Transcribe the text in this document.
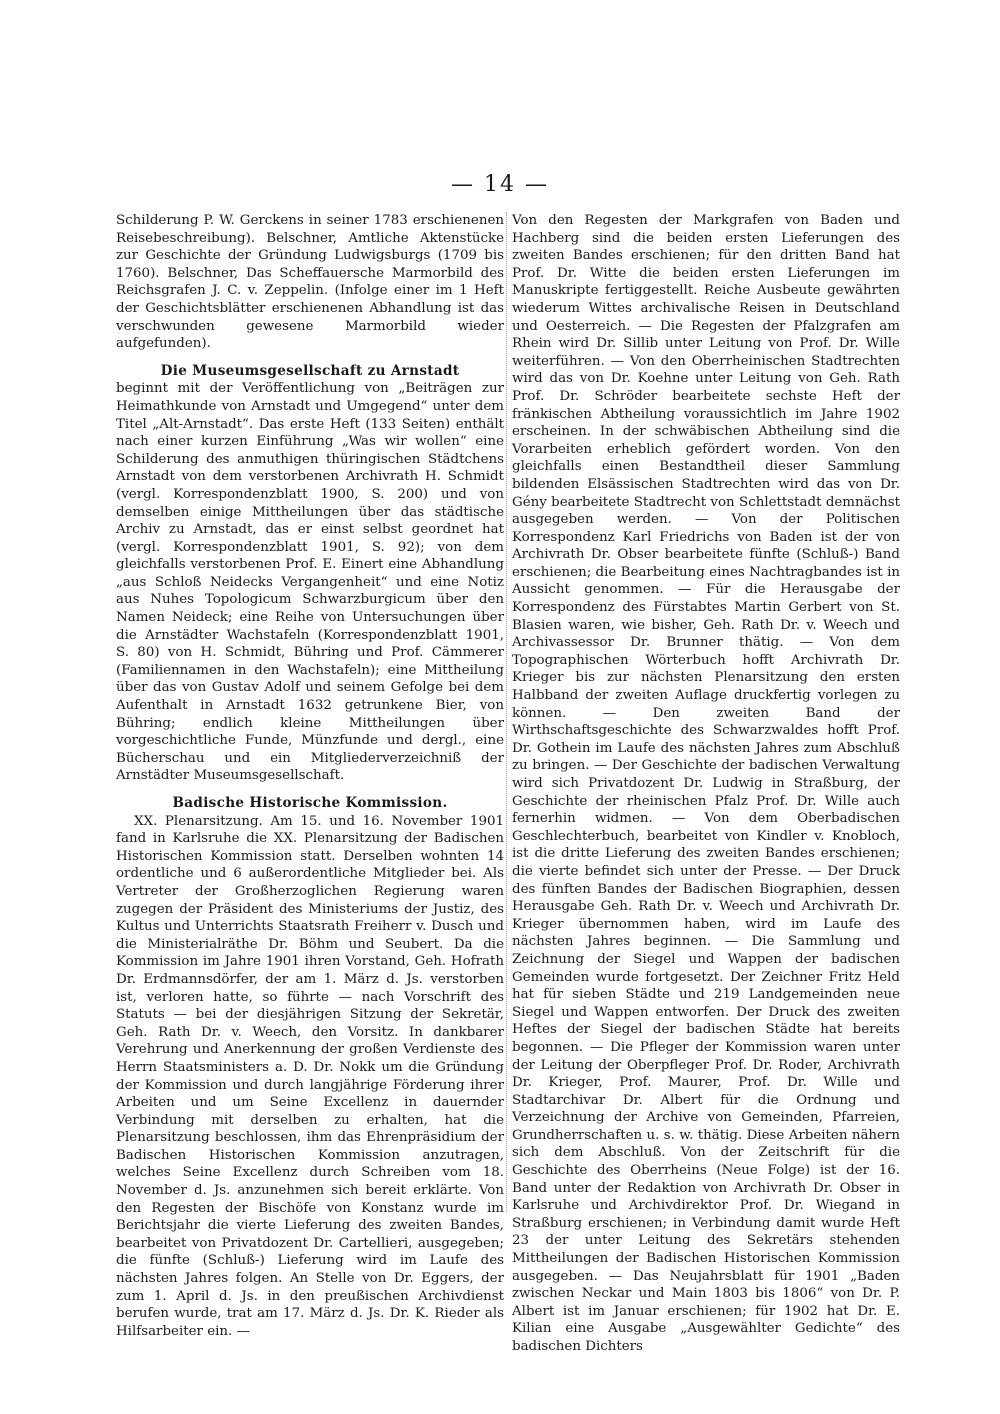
— 14 —

Schilderung P. W. Gerckens in seiner 1783 erschienenen Reisebeschreibung). Belschner, Amtliche Aktenstücke zur Geschichte der Gründung Ludwigsburgs (1709 bis 1760). Belschner, Das Scheffauersche Marmorbild des Reichsgrafen J. C. v. Zeppelin. (Infolge einer im 1 Heft der Geschichtsblätter erschienenen Abhandlung ist das verschwunden gewesene Marmorbild wieder aufgefunden).

Die Museumsgesellschaft zu Arnstadt

beginnt mit der Veröffentlichung von „Beiträgen zur Heimathkunde von Arnstadt und Umgegend“ unter dem Titel „Alt-Arnstadt“. Das erste Heft (133 Seiten) enthält nach einer kurzen Einführung „Was wir wollen“ eine Schilderung des anmuthigen thüringischen Städtchens Arnstadt von dem verstorbenen Archivrath H. Schmidt (vergl. Korrespondenzblatt 1900, S. 200) und von demselben einige Mittheilungen über das städtische Archiv zu Arnstadt, das er einst selbst geordnet hat (vergl. Korrespondenzblatt 1901, S. 92); von dem gleichfalls verstorbenen Prof. E. Einert eine Abhandlung „aus Schloß Neidecks Vergangenheit“ und eine Notiz aus Nuhes Topologicum Schwarzburgicum über den Namen Neideck; eine Reihe von Untersuchungen über die Arnstädter Wachstafeln (Korrespondenzblatt 1901, S. 80) von H. Schmidt, Bühring und Prof. Cämmerer (Familiennamen in den Wachstafeln); eine Mittheilung über das von Gustav Adolf und seinem Gefolge bei dem Aufenthalt in Arnstadt 1632 getrunkene Bier, von Bühring; endlich kleine Mittheilungen über vorgeschichtliche Funde, Münzfunde und dergl., eine Bücherschau und ein Mitgliederverzeichniß der Arnstädter Museumsgesellschaft.

Badische Historische Kommission.

XX. Plenarsitzung. Am 15. und 16. November 1901 fand in Karlsruhe die XX. Plenarsitzung der Badischen Historischen Kommission statt. Derselben wohnten 14 ordentliche und 6 außerordentliche Mitglieder bei. Als Vertreter der Großherzoglichen Regierung waren zugegen der Präsident des Ministeriums der Justiz, des Kultus und Unterrichts Staatsrath Freiherr v. Dusch und die Ministerialräthe Dr. Böhm und Seubert. Da die Kommission im Jahre 1901 ihren Vorstand, Geh. Hofrath Dr. Erdmannsdörfer, der am 1. März d. Js. verstorben ist, verloren hatte, so führte — nach Vorschrift des Statuts — bei der diesjährigen Sitzung der Sekretär, Geh. Rath Dr. v. Weech, den Vorsitz. In dankbarer Verehrung und Anerkennung der großen Verdienste des Herrn Staatsministers a. D. Dr. Nokk um die Gründung der Kommission und durch langjährige Förderung ihrer Arbeiten und um Seine Excellenz in dauernder Verbindung mit derselben zu erhalten, hat die Plenarsitzung beschlossen, ihm das Ehrenpräsidium der Badischen Historischen Kommission anzutragen, welches Seine Excellenz durch Schreiben vom 18. November d. Js. anzunehmen sich bereit erklärte. Von den Regesten der Bischöfe von Konstanz wurde im Berichtsjahr die vierte Lieferung des zweiten Bandes, bearbeitet von Privatdozent Dr. Cartellieri, ausgegeben; die fünfte (Schluß-) Lieferung wird im Laufe des nächsten Jahres folgen. An Stelle von Dr. Eggers, der zum 1. April d. Js. in den preußischen Archivdienst berufen wurde, trat am 17. März d. Js. Dr. K. Rieder als Hilfsarbeiter ein. —

Von den Regesten der Markgrafen von Baden und Hachberg sind die beiden ersten Lieferungen des zweiten Bandes erschienen; für den dritten Band hat Prof. Dr. Witte die beiden ersten Lieferungen im Manuskripte fertiggestellt. Reiche Ausbeute gewährten wiederum Wittes archivalische Reisen in Deutschland und Oesterreich. — Die Regesten der Pfalzgrafen am Rhein wird Dr. Sillib unter Leitung von Prof. Dr. Wille weiterführen. — Von den Oberrheinischen Stadtrechten wird das von Dr. Koehne unter Leitung von Geh. Rath Prof. Dr. Schröder bearbeitete sechste Heft der fränkischen Abtheilung voraussichtlich im Jahre 1902 erscheinen. In der schwäbischen Abtheilung sind die Vorarbeiten erheblich gefördert worden. Von den gleichfalls einen Bestandtheil dieser Sammlung bildenden Elsässischen Stadtrechten wird das von Dr. Gény bearbeitete Stadtrecht von Schlettstadt demnächst ausgegeben werden. — Von der Politischen Korrespondenz Karl Friedrichs von Baden ist der von Archivrath Dr. Obser bearbeitete fünfte (Schluß-) Band erschienen; die Bearbeitung eines Nachtragbandes ist in Aussicht genommen. — Für die Herausgabe der Korrespondenz des Fürstabtes Martin Gerbert von St. Blasien waren, wie bisher, Geh. Rath Dr. v. Weech und Archivassessor Dr. Brunner thätig. — Von dem Topographischen Wörterbuch hofft Archivrath Dr. Krieger bis zur nächsten Plenarsitzung den ersten Halbband der zweiten Auflage druckfertig vorlegen zu können. — Den zweiten Band der Wirthschaftsgeschichte des Schwarzwaldes hofft Prof. Dr. Gothein im Laufe des nächsten Jahres zum Abschluß zu bringen. — Der Geschichte der badischen Verwaltung wird sich Privatdozent Dr. Ludwig in Straßburg, der Geschichte der rheinischen Pfalz Prof. Dr. Wille auch fernerhin widmen. — Von dem Oberbadischen Geschlechterbuch, bearbeitet von Kindler v. Knobloch, ist die dritte Lieferung des zweiten Bandes erschienen; die vierte befindet sich unter der Presse. — Der Druck des fünften Bandes der Badischen Biographien, dessen Herausgabe Geh. Rath Dr. v. Weech und Archivrath Dr. Krieger übernommen haben, wird im Laufe des nächsten Jahres beginnen. — Die Sammlung und Zeichnung der Siegel und Wappen der badischen Gemeinden wurde fortgesetzt. Der Zeichner Fritz Held hat für sieben Städte und 219 Landgemeinden neue Siegel und Wappen entworfen. Der Druck des zweiten Heftes der Siegel der badischen Städte hat bereits begonnen. — Die Pfleger der Kommission waren unter der Leitung der Oberpfleger Prof. Dr. Roder, Archivrath Dr. Krieger, Prof. Maurer, Prof. Dr. Wille und Stadtarchivar Dr. Albert für die Ordnung und Verzeichnung der Archive von Gemeinden, Pfarreien, Grundherrschaften u. s. w. thätig. Diese Arbeiten nähern sich dem Abschluß. Von der Zeitschrift für die Geschichte des Oberrheins (Neue Folge) ist der 16. Band unter der Redaktion von Archivrath Dr. Obser in Karlsruhe und Archivdirektor Prof. Dr. Wiegand in Straßburg erschienen; in Verbindung damit wurde Heft 23 der unter Leitung des Sekretärs stehenden Mittheilungen der Badischen Historischen Kommission ausgegeben. — Das Neujahrsblatt für 1901 „Baden zwischen Neckar und Main 1803 bis 1806“ von Dr. P. Albert ist im Januar erschienen; für 1902 hat Dr. E. Kilian eine Ausgabe „Ausgewählter Gedichte“ des badischen Dichters
